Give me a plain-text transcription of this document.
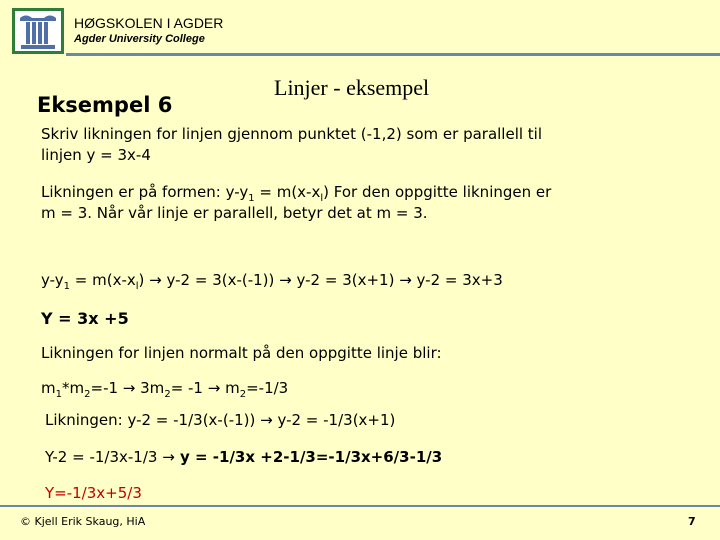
HØGSKOLEN I AGDER
Agder University College
Linjer - eksempel
Eksempel 6
Skriv likningen for linjen gjennom punktet (-1,2) som er parallell til
linjen y = 3x-4
Likningen er på formen: $y-y_1 = m(x-x_l)$ For den oppgitte likningen er
m = 3. Når vår linje er parallell, betyr det at m = 3.
$y-y_1 = m(x-x_l) \to y-2 = 3(x-(-1)) \to y-2 = 3(x+1) \to y-2 = 3x+3$
Y = 3x +5
Likningen for linjen normalt på den oppgitte linje blir:
$m_1*m_2=-1 \to 3m_2= -1 \to m_2=-1/3$
Likningen: y-2 = -1/3(x-(-1)) → y-2 = -1/3(x+1)
Y-2 = -1/3x-1/3 → y = -1/3x +2-1/3=-1/3x+6/3-1/3
Y=-1/3x+5/3
© Kjell Erik Skaug, HiA	7
